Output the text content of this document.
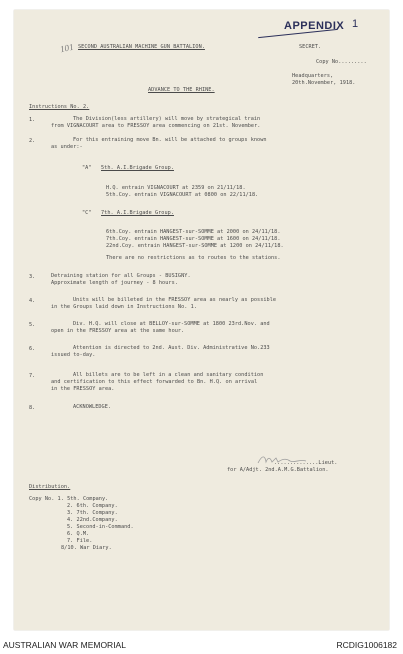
APPENDIX 1
101 SECOND AUSTRALIAN MACHINE GUN BATTALION.	SECRET.
Copy No.........
Headquarters,
20th.November, 1918.
ADVANCE TO THE RHINE.
Instructions No. 2.
1.	The Division(less artillery) will move by strategical train
from VIGNACOURT area to FRESSOY area commencing on 21st. November.
2.	For this entraining move Bn. will be attached to groups known
as under:-
"A" 5th. A.I.Brigade Group.
H.Q. entrain VIGNACOURT at 2359 on 21/11/18.
5th.Coy. entrain VIGNACOURT at 0800 on 22/11/18.
"C" 7th. A.I.Brigade Group.
6th.Coy. entrain HANGEST-sur-SOMME at 2000 on 24/11/18.
7th.Coy. entrain HANGEST-sur-SOMME at 1600 on 24/11/18.
22nd.Coy. entrain HANGEST-sur-SOMME at 1200 on 24/11/18.
There are no restrictions as to routes to the stations.
3.	Detraining station for all Groups - BUSIGNY.
Approximate length of journey - 8 hours.
4.	Units will be billeted in the FRESSOY area as nearly as possible
in the Groups laid down in Instructions No. 1.
5.	Div. H.Q. will close at BELLOY-sur-SOMME at 1800 23rd.Nov. and
open in the FRESSOY area at the same hour.
6.	Attention is directed to 2nd. Aust. Div. Administrative No.233
issued to-day.
7.	All billets are to be left in a clean and sanitary condition
and certification to this effect forwarded to Bn. H.Q. on arrival
in the FRESSOY area.
8.	ACKNOWLEDGE.
..............Lieut.
for A/Adjt. 2nd.A.M.G.Battalion.
Distribution.
Copy No. 1. 5th. Company.
2. 6th. Company.
3. 7th. Company.
4. 22nd.Company.
5. Second-in-Command.
6. Q.M.
7. File.
8/10. War Diary.
AUSTRALIAN WAR MEMORIAL	RCDIG1006182
